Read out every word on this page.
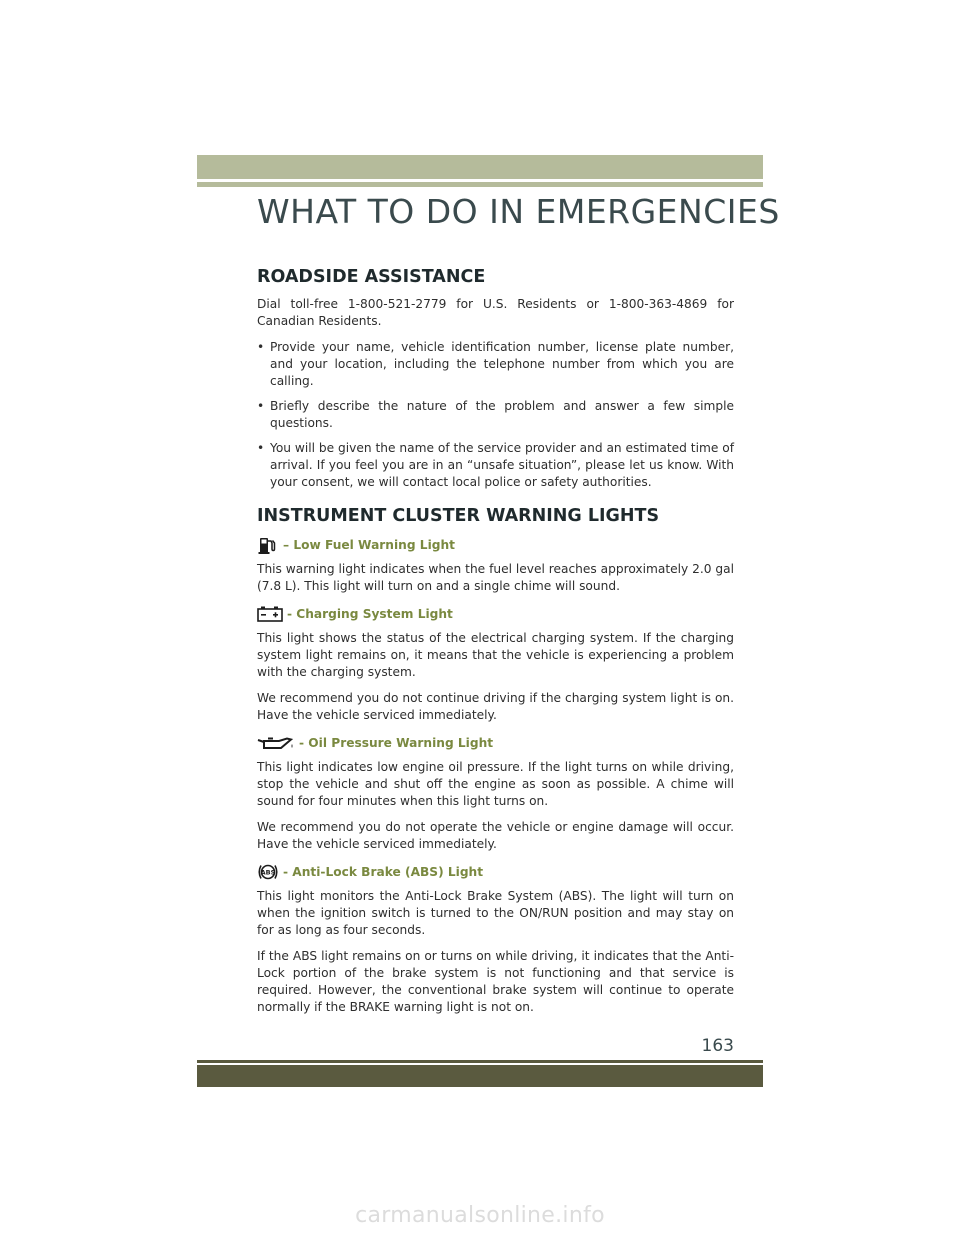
WHAT TO DO IN EMERGENCIES
ROADSIDE ASSISTANCE

Dial toll-free 1-800-521-2779 for U.S. Residents or 1-800-363-4869 for Canadian Residents.

• Provide your name, vehicle identification number, license plate number, and your location, including the telephone number from which you are calling.
• Briefly describe the nature of the problem and answer a few simple questions.
• You will be given the name of the service provider and an estimated time of arrival. If you feel you are in an “unsafe situation”, please let us know. With your consent, we will contact local police or safety authorities.
INSTRUMENT CLUSTER WARNING LIGHTS
– Low Fuel Warning Light

This warning light indicates when the fuel level reaches approximately 2.0 gal (7.8 L). This light will turn on and a single chime will sound.

- Charging System Light

This light shows the status of the electrical charging system. If the charging system light remains on, it means that the vehicle is experiencing a problem with the charging system.

We recommend you do not continue driving if the charging system light is on. Have the vehicle serviced immediately.

- Oil Pressure Warning Light

This light indicates low engine oil pressure. If the light turns on while driving, stop the vehicle and shut off the engine as soon as possible. A chime will sound for four minutes when this light turns on.

We recommend you do not operate the vehicle or engine damage will occur. Have the vehicle serviced immediately.

ABS - Anti-Lock Brake (ABS) Light

This light monitors the Anti-Lock Brake System (ABS). The light will turn on when the ignition switch is turned to the ON/RUN position and may stay on for as long as four seconds.

If the ABS light remains on or turns on while driving, it indicates that the Anti-Lock portion of the brake system is not functioning and that service is required. However, the conventional brake system will continue to operate normally if the BRAKE warning light is not on.

163
carmanualsonline.info
